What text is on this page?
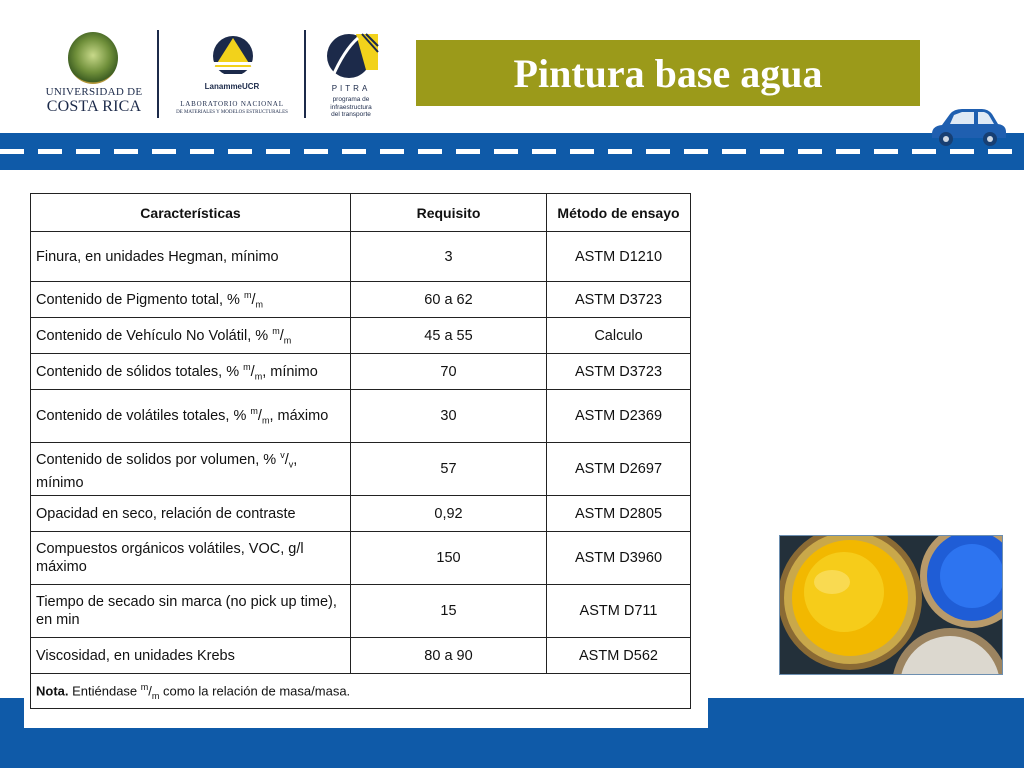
UNIVERSIDAD DE
COSTA RICA
LanammeUCR
LABORATORIO NACIONAL
DE MATERIALES Y MODELOS ESTRUCTURALES
PITRA
programa de
infraestructura
del transporte
Pintura base agua
Características	Requisito	Método de ensayo
Finura, en unidades Hegman, mínimo	3	ASTM D1210
Contenido de Pigmento total, % $^m/_m$	60 a 62	ASTM D3723
Contenido de Vehículo No Volátil, % $^m/_m$	45 a 55	Calculo
Contenido de sólidos totales, % $^m/_m$, mínimo	70	ASTM D3723
Contenido de volátiles totales, % $^m/_m$, máximo	30	ASTM D2369
Contenido de solidos por volumen, % $^v/_v$, mínimo	57	ASTM D2697
Opacidad en seco, relación de contraste	0,92	ASTM D2805
Compuestos orgánicos volátiles, VOC, g/l máximo	150	ASTM D3960
Tiempo de secado sin marca (no pick up time), en min	15	ASTM D711
Viscosidad, en unidades Krebs	80 a 90	ASTM D562
Nota. Entiéndase $^m/_m$ como la relación de masa/masa.		
